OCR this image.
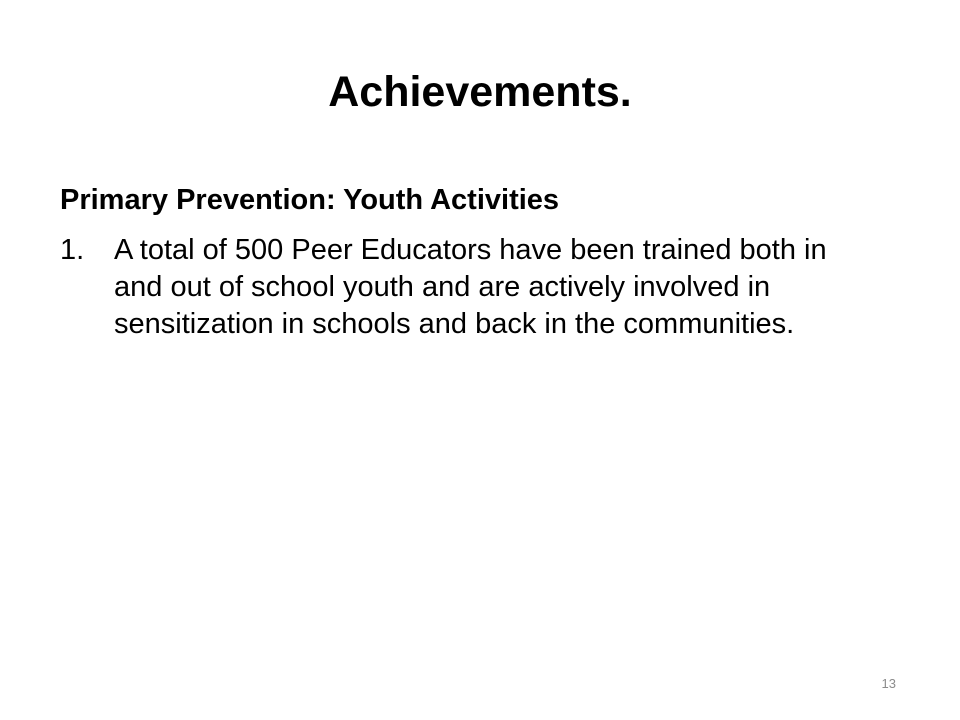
Achievements.
Primary Prevention: Youth Activities
1.	A total of 500 Peer Educators have been trained both in and out of school youth and are actively involved in sensitization in schools and back in the communities.
13
